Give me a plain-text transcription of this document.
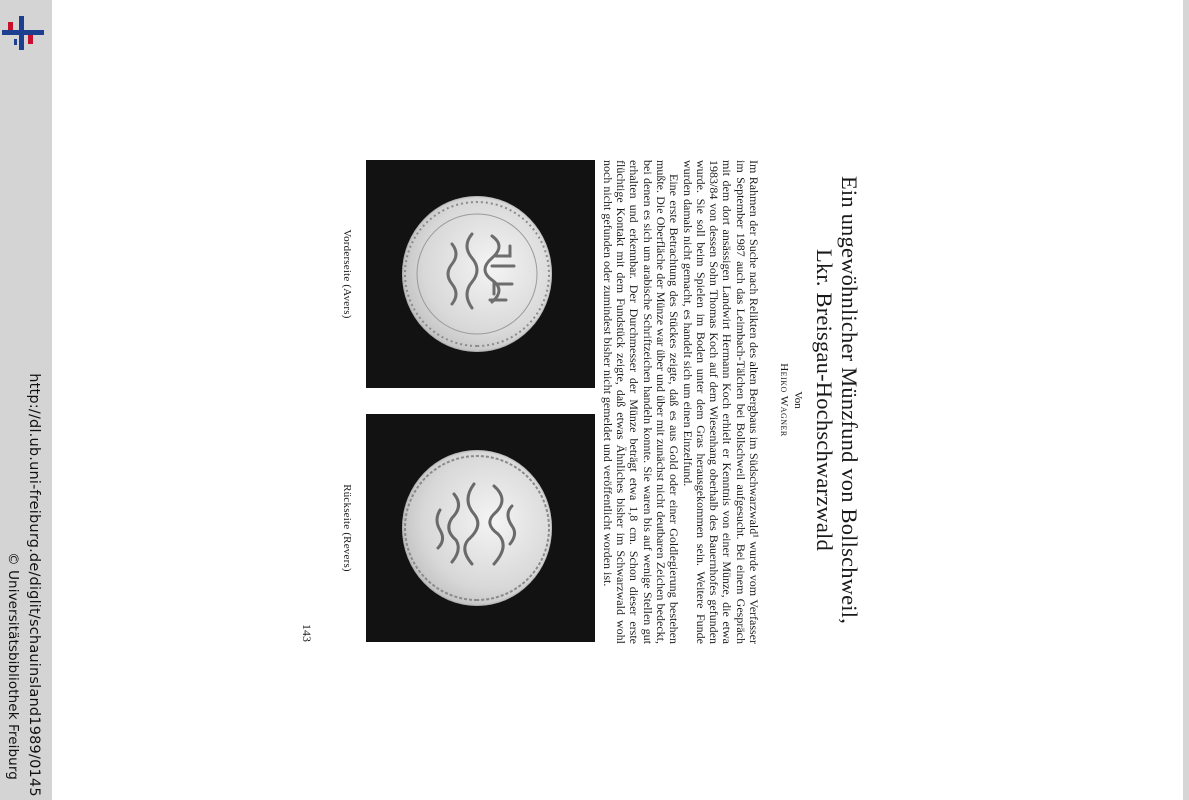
http://dl.ub.uni-freiburg.de/diglit/schauinsland1989/0145
© Universitätsbibliothek Freiburg
Ein ungewöhnlicher Münzfund von Bollschweil,
Lkr. Breisgau-Hochschwarzwald
Von
Heiko Wagner

Im Rahmen der Suche nach Relikten des alten Bergbaus im Südschwarzwald¹ wurde vom Verfasser im September 1987 auch das Leimbach-Tälchen bei Bollschweil aufgesucht. Bei einem Gespräch mit dem dort ansässigen Landwirt Hermann Koch erhielt er Kenntnis von einer Münze, die etwa 1983/84 von dessen Sohn Thomas Koch auf dem Wiesenhang oberhalb des Bauernhofes gefunden wurde. Sie soll beim Spielen im Boden unter dem Gras herausgekommen sein. Weitere Funde wurden damals nicht gemacht, es handelt sich um einen Einzelfund.

Eine erste Betrachtung des Stückes zeigte, daß es aus Gold oder einer Goldlegierung bestehen mußte. Die Oberfläche der Münze war über und über mit zunächst nicht deutbaren Zeichen bedeckt, bei denen es sich um arabische Schriftzeichen handeln konnte. Sie waren bis auf wenige Stellen gut erhalten und erkennbar. Der Durchmesser der Münze beträgt etwa 1,8 cm. Schon dieser erste flüchtige Kontakt mit dem Fundstück zeigte, daß etwas Ähnliches bisher im Schwarzwald wohl noch nicht gefunden oder zumindest bisher nicht gemeldet und veröffentlicht worden ist.

Vorderseite (Avers)
Rückseite (Revers)
143
